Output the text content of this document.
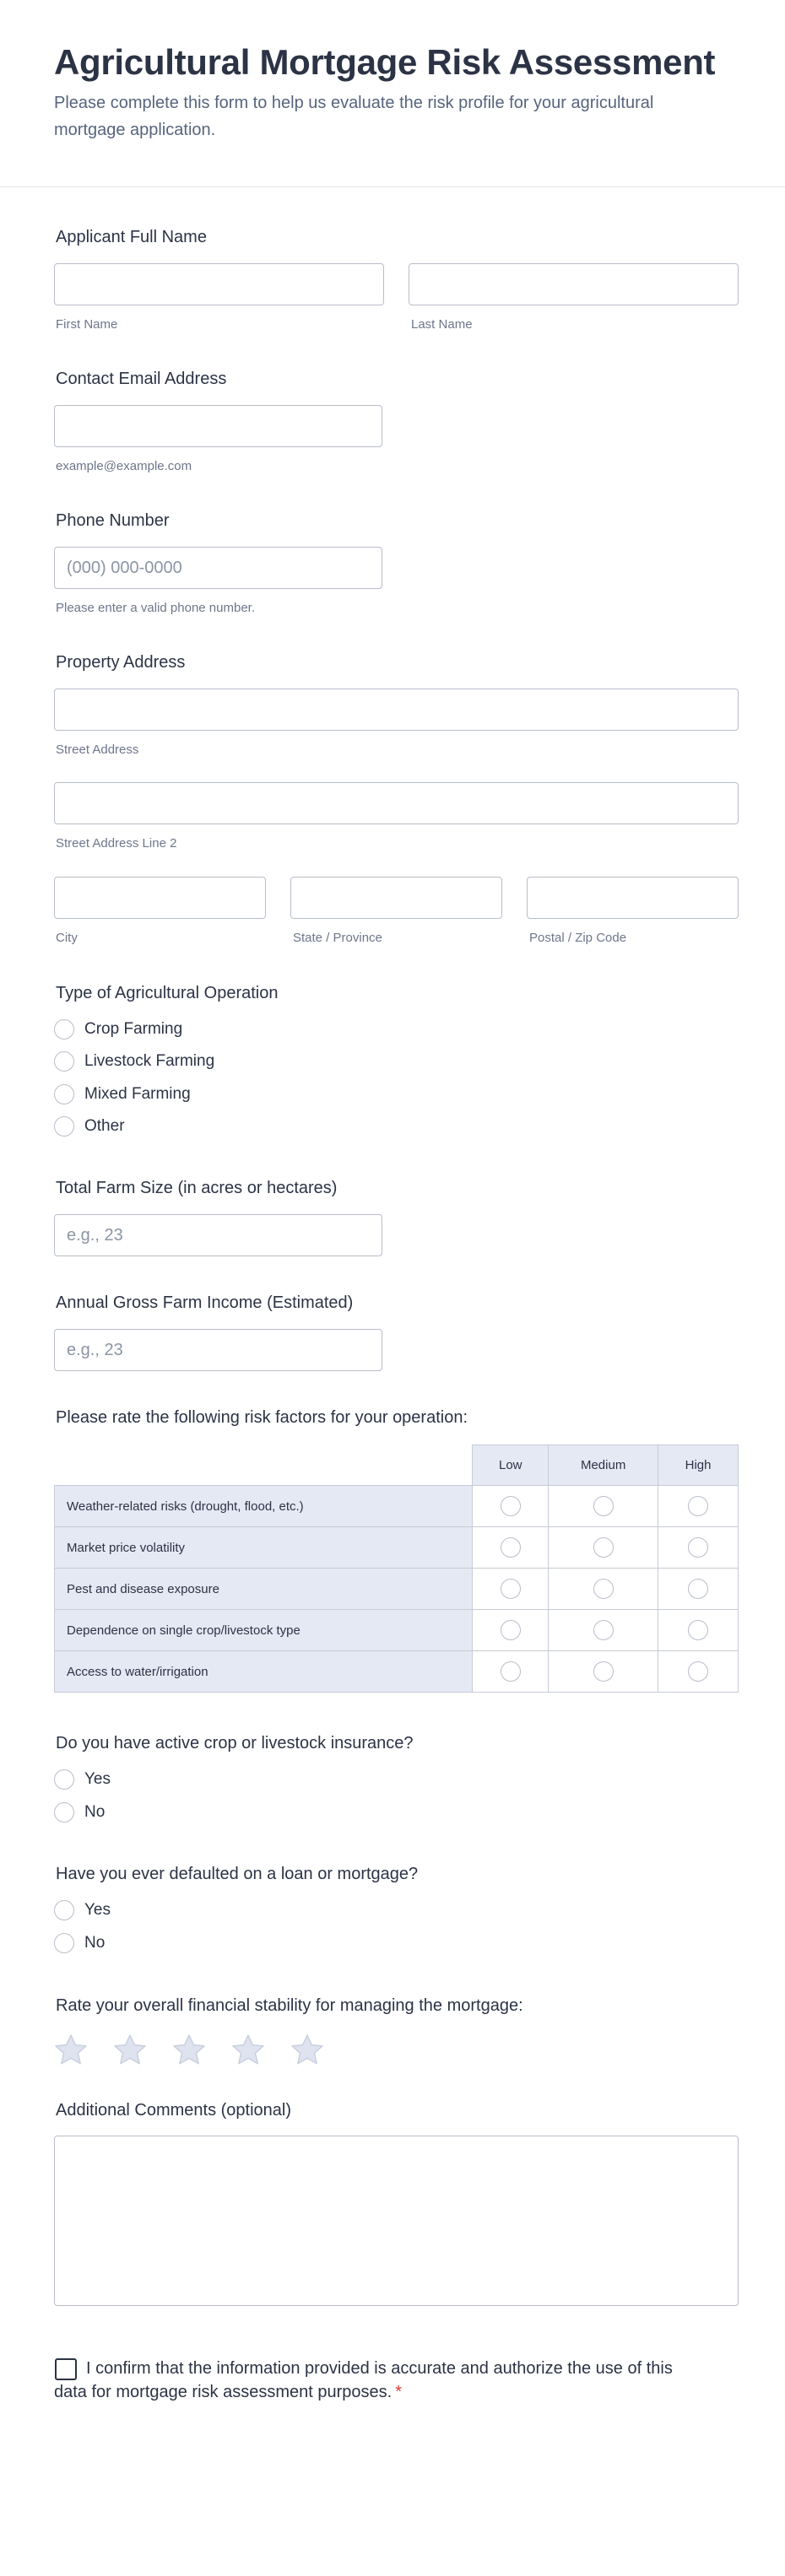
Agricultural Mortgage Risk Assessment

Please complete this form to help us evaluate the risk profile for your agricultural mortgage application.

Applicant Full Name
First Name	Last Name
Contact Email Address
example@example.com
Phone Number
(000) 000-0000
Please enter a valid phone number.
Property Address
Street Address
Street Address Line 2
City	State / Province	Postal / Zip Code
Type of Agricultural Operation
Crop Farming
Livestock Farming
Mixed Farming
Other
Total Farm Size (in acres or hectares)
e.g., 23
Annual Gross Farm Income (Estimated)
e.g., 23
Please rate the following risk factors for your operation:
	Low	Medium	High
Weather-related risks (drought, flood, etc.)			
Market price volatility			
Pest and disease exposure			
Dependence on single crop/livestock type			
Access to water/irrigation			
Do you have active crop or livestock insurance?
Yes
No
Have you ever defaulted on a loan or mortgage?
Yes
No
Rate your overall financial stability for managing the mortgage:
Additional Comments (optional)
I confirm that the information provided is accurate and authorize the use of this data for mortgage risk assessment purposes. *
